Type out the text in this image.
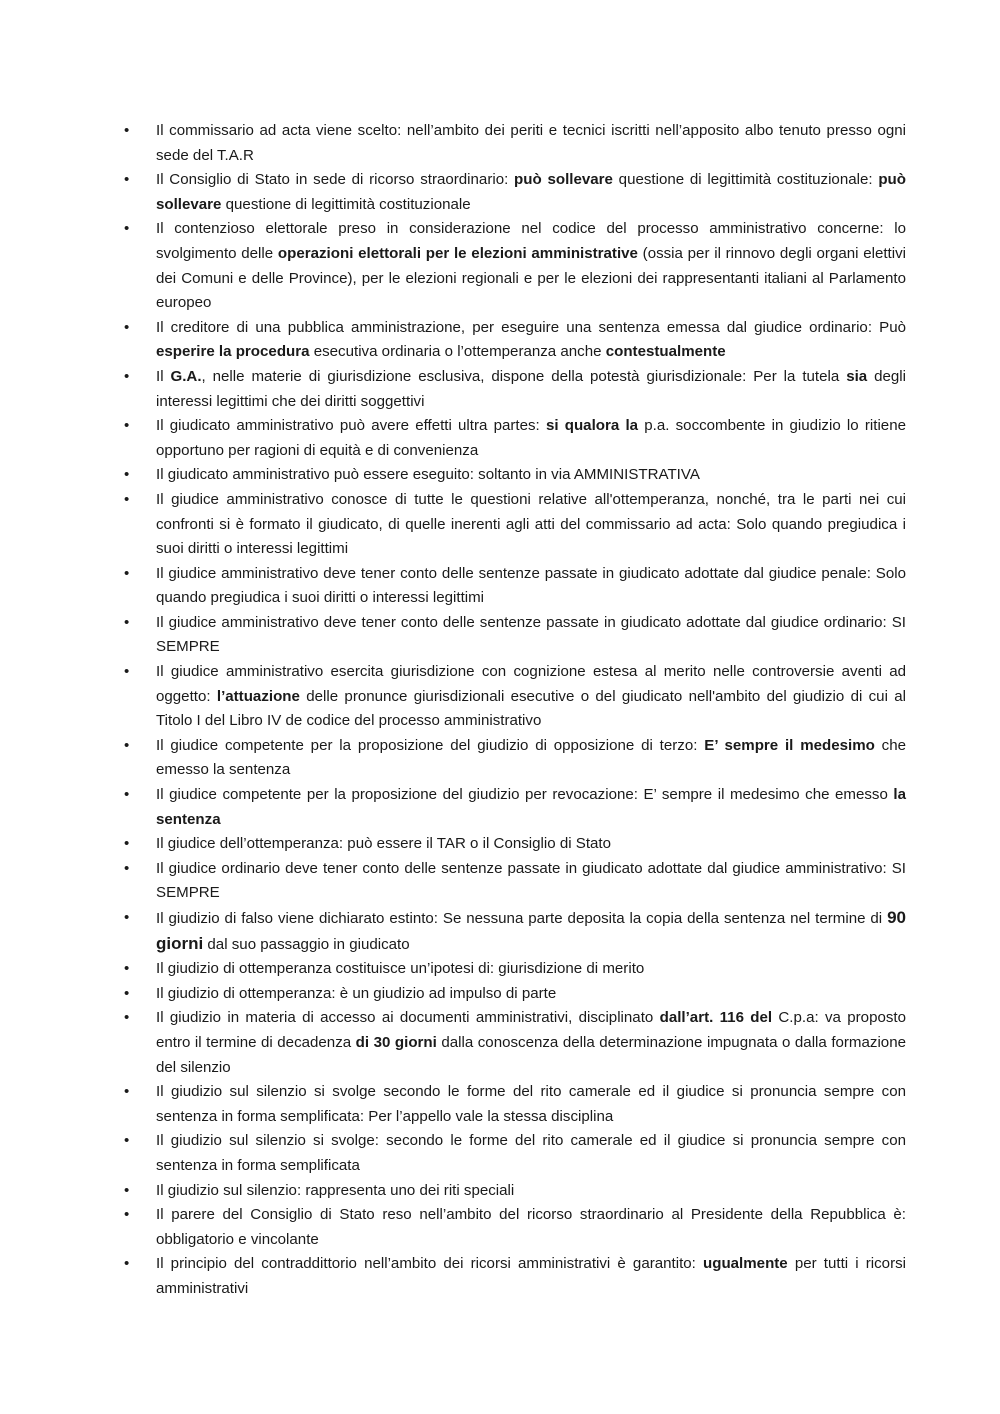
• Il commissario ad acta viene scelto: nell’ambito dei periti e tecnici iscritti nell’apposito albo tenuto presso ogni sede del T.A.R
• Il Consiglio di Stato in sede di ricorso straordinario: può sollevare questione di legittimità costituzionale: può sollevare questione di legittimità costituzionale
• Il contenzioso elettorale preso in considerazione nel codice del processo amministrativo concerne: lo svolgimento delle operazioni elettorali per le elezioni amministrative (ossia per il rinnovo degli organi elettivi dei Comuni e delle Province), per le elezioni regionali e per le elezioni dei rappresentanti italiani al Parlamento europeo
• Il creditore di una pubblica amministrazione, per eseguire una sentenza emessa dal giudice ordinario: Può esperire la procedura esecutiva ordinaria o l’ottemperanza anche contestualmente
• Il G.A., nelle materie di giurisdizione esclusiva, dispone della potestà giurisdizionale: Per la tutela sia degli interessi legittimi che dei diritti soggettivi
• Il giudicato amministrativo può avere effetti ultra partes: si qualora la p.a. soccombente in giudizio lo ritiene opportuno per ragioni di equità e di convenienza
• Il giudicato amministrativo può essere eseguito: soltanto in via AMMINISTRATIVA
• Il giudice amministrativo conosce di tutte le questioni relative all'ottemperanza, nonché, tra le parti nei cui confronti si è formato il giudicato, di quelle inerenti agli atti del commissario ad acta: Solo quando pregiudica i suoi diritti o interessi legittimi
• Il giudice amministrativo deve tener conto delle sentenze passate in giudicato adottate dal giudice penale: Solo quando pregiudica i suoi diritti o interessi legittimi
• Il giudice amministrativo deve tener conto delle sentenze passate in giudicato adottate dal giudice ordinario: SI SEMPRE
• Il giudice amministrativo esercita giurisdizione con cognizione estesa al merito nelle controversie aventi ad oggetto: l’attuazione delle pronunce giurisdizionali esecutive o del giudicato nell'ambito del giudizio di cui al Titolo I del Libro IV de codice del processo amministrativo
• Il giudice competente per la proposizione del giudizio di opposizione di terzo: E’ sempre il medesimo che emesso la sentenza
• Il giudice competente per la proposizione del giudizio per revocazione: E’ sempre il medesimo che emesso la sentenza
• Il giudice dell’ottemperanza: può essere il TAR o il Consiglio di Stato
• Il giudice ordinario deve tener conto delle sentenze passate in giudicato adottate dal giudice amministrativo: SI SEMPRE
• Il giudizio di falso viene dichiarato estinto: Se nessuna parte deposita la copia della sentenza nel termine di 90 giorni dal suo passaggio in giudicato
• Il giudizio di ottemperanza costituisce un’ipotesi di: giurisdizione di merito
• Il giudizio di ottemperanza: è un giudizio ad impulso di parte
• Il giudizio in materia di accesso ai documenti amministrativi, disciplinato dall’art. 116 del C.p.a: va proposto entro il termine di decadenza di 30 giorni dalla conoscenza della determinazione impugnata o dalla formazione del silenzio
• Il giudizio sul silenzio si svolge secondo le forme del rito camerale ed il giudice si pronuncia sempre con sentenza in forma semplificata: Per l’appello vale la stessa disciplina
• Il giudizio sul silenzio si svolge: secondo le forme del rito camerale ed il giudice si pronuncia sempre con sentenza in forma semplificata
• Il giudizio sul silenzio: rappresenta uno dei riti speciali
• Il parere del Consiglio di Stato reso nell’ambito del ricorso straordinario al Presidente della Repubblica è: obbligatorio e vincolante
• Il principio del contraddittorio nell’ambito dei ricorsi amministrativi è garantito: ugualmente per tutti i ricorsi amministrativi
